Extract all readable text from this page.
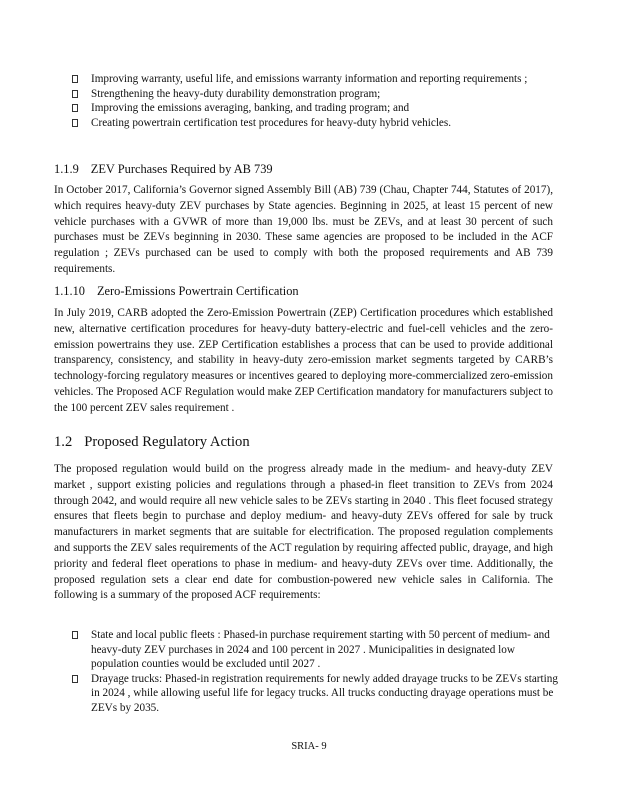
Improving warranty, useful life, and emissions warranty information and reporting requirements ;
Strengthening the heavy-duty durability demonstration program;
Improving the emissions averaging, banking, and trading program; and
Creating powertrain certification test procedures for heavy-duty hybrid vehicles.
1.1.9 ZEV Purchases Required by AB 739

In October 2017, California’s Governor signed Assembly Bill (AB) 739 (Chau, Chapter 744, Statutes of 2017), which requires heavy-duty ZEV purchases by State agencies. Beginning in 2025, at least 15 percent of new vehicle purchases with a GVWR of more than 19,000 lbs. must be ZEVs, and at least 30 percent of such purchases must be ZEVs beginning in 2030. These same agencies are proposed to be included in the ACF regulation ; ZEVs purchased can be used to comply with both the proposed requirements and AB 739 requirements.

1.1.10 Zero-Emissions Powertrain Certification

In July 2019, CARB adopted the Zero-Emission Powertrain (ZEP) Certification procedures which established new, alternative certification procedures for heavy-duty battery-electric and fuel-cell vehicles and the zero-emission powertrains they use. ZEP Certification establishes a process that can be used to provide additional transparency, consistency, and stability in heavy-duty zero-emission market segments targeted by CARB’s technology-forcing regulatory measures or incentives geared to deploying more-commercialized zero-emission vehicles. The Proposed ACF Regulation would make ZEP Certification mandatory for manufacturers subject to the 100 percent ZEV sales requirement .

1.2 Proposed Regulatory Action

The proposed regulation would build on the progress already made in the medium- and heavy-duty ZEV market , support existing policies and regulations through a phased-in fleet transition to ZEVs from 2024 through 2042, and would require all new vehicle sales to be ZEVs starting in 2040 . This fleet focused strategy ensures that fleets begin to purchase and deploy medium- and heavy-duty ZEVs offered for sale by truck manufacturers in market segments that are suitable for electrification. The proposed regulation complements and supports the ZEV sales requirements of the ACT regulation by requiring affected public, drayage, and high priority and federal fleet operations to phase in medium- and heavy-duty ZEVs over time. Additionally, the proposed regulation sets a clear end date for combustion-powered new vehicle sales in California. The following is a summary of the proposed ACF requirements:

State and local public fleets : Phased-in purchase requirement starting with 50 percent of medium- and heavy-duty ZEV purchases in 2024 and 100 percent in 2027 . Municipalities in designated low population counties would be excluded until 2027 .
Drayage trucks: Phased-in registration requirements for newly added drayage trucks to be ZEVs starting in 2024 , while allowing useful life for legacy trucks. All trucks conducting drayage operations must be ZEVs by 2035.
SRIA- 9
